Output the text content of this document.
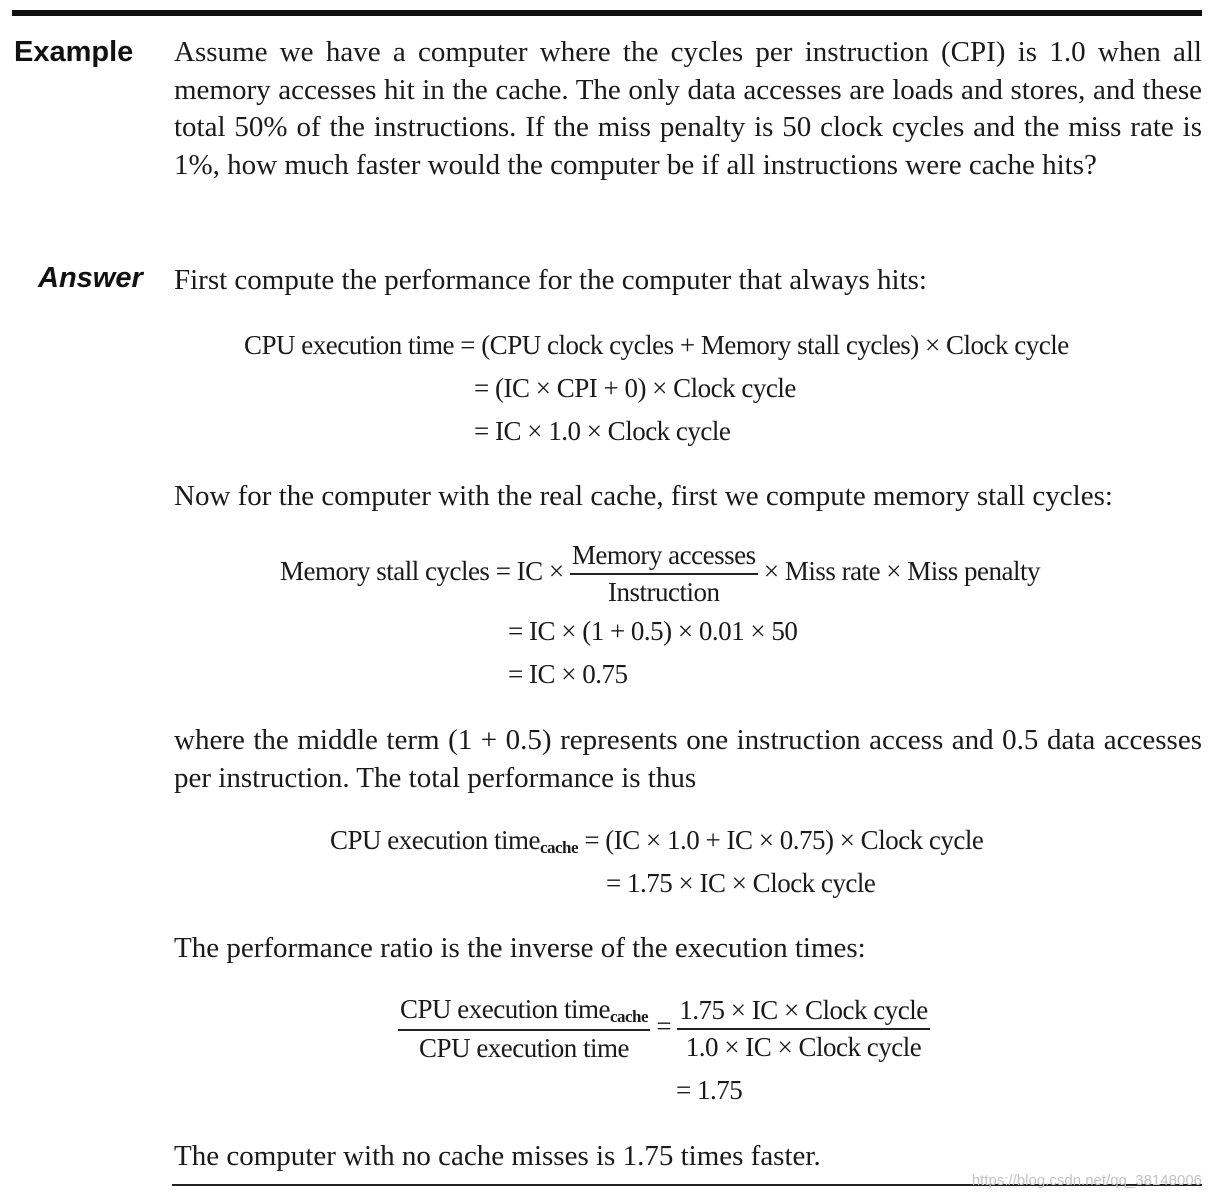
Example Assume we have a computer where the cycles per instruction (CPI) is 1.0 when all memory accesses hit in the cache. The only data accesses are loads and stores, and these total 50% of the instructions. If the miss penalty is 50 clock cycles and the miss rate is 1%, how much faster would the computer be if all instructions were cache hits?

Answer First compute the performance for the computer that always hits:

CPU execution time = (CPU clock cycles + Memory stall cycles) × Clock cycle
= (IC × CPI + 0) × Clock cycle
= IC × 1.0 × Clock cycle

Now for the computer with the real cache, first we compute memory stall cycles:

Memory stall cycles = IC × $\frac{\text{Memory accesses}}{\text{Instruction}}$ × Miss rate × Miss penalty
= IC × (1 + 0.5) × 0.01 × 50
= IC × 0.75

where the middle term (1 + 0.5) represents one instruction access and 0.5 data accesses per instruction. The total performance is thus

CPU execution time$_{cache}$ = (IC × 1.0 + IC × 0.75) × Clock cycle
= 1.75 × IC × Clock cycle

The performance ratio is the inverse of the execution times:

$\frac{CPU execution time_{cache}}{\text{CPU execution time}} = \frac{\text{1.75 × IC × Clock cycle}}{\text{1.0 × IC × Clock cycle}}$
= 1.75

The computer with no cache misses is 1.75 times faster.

https://blog.csdn.net/qq_38148006
